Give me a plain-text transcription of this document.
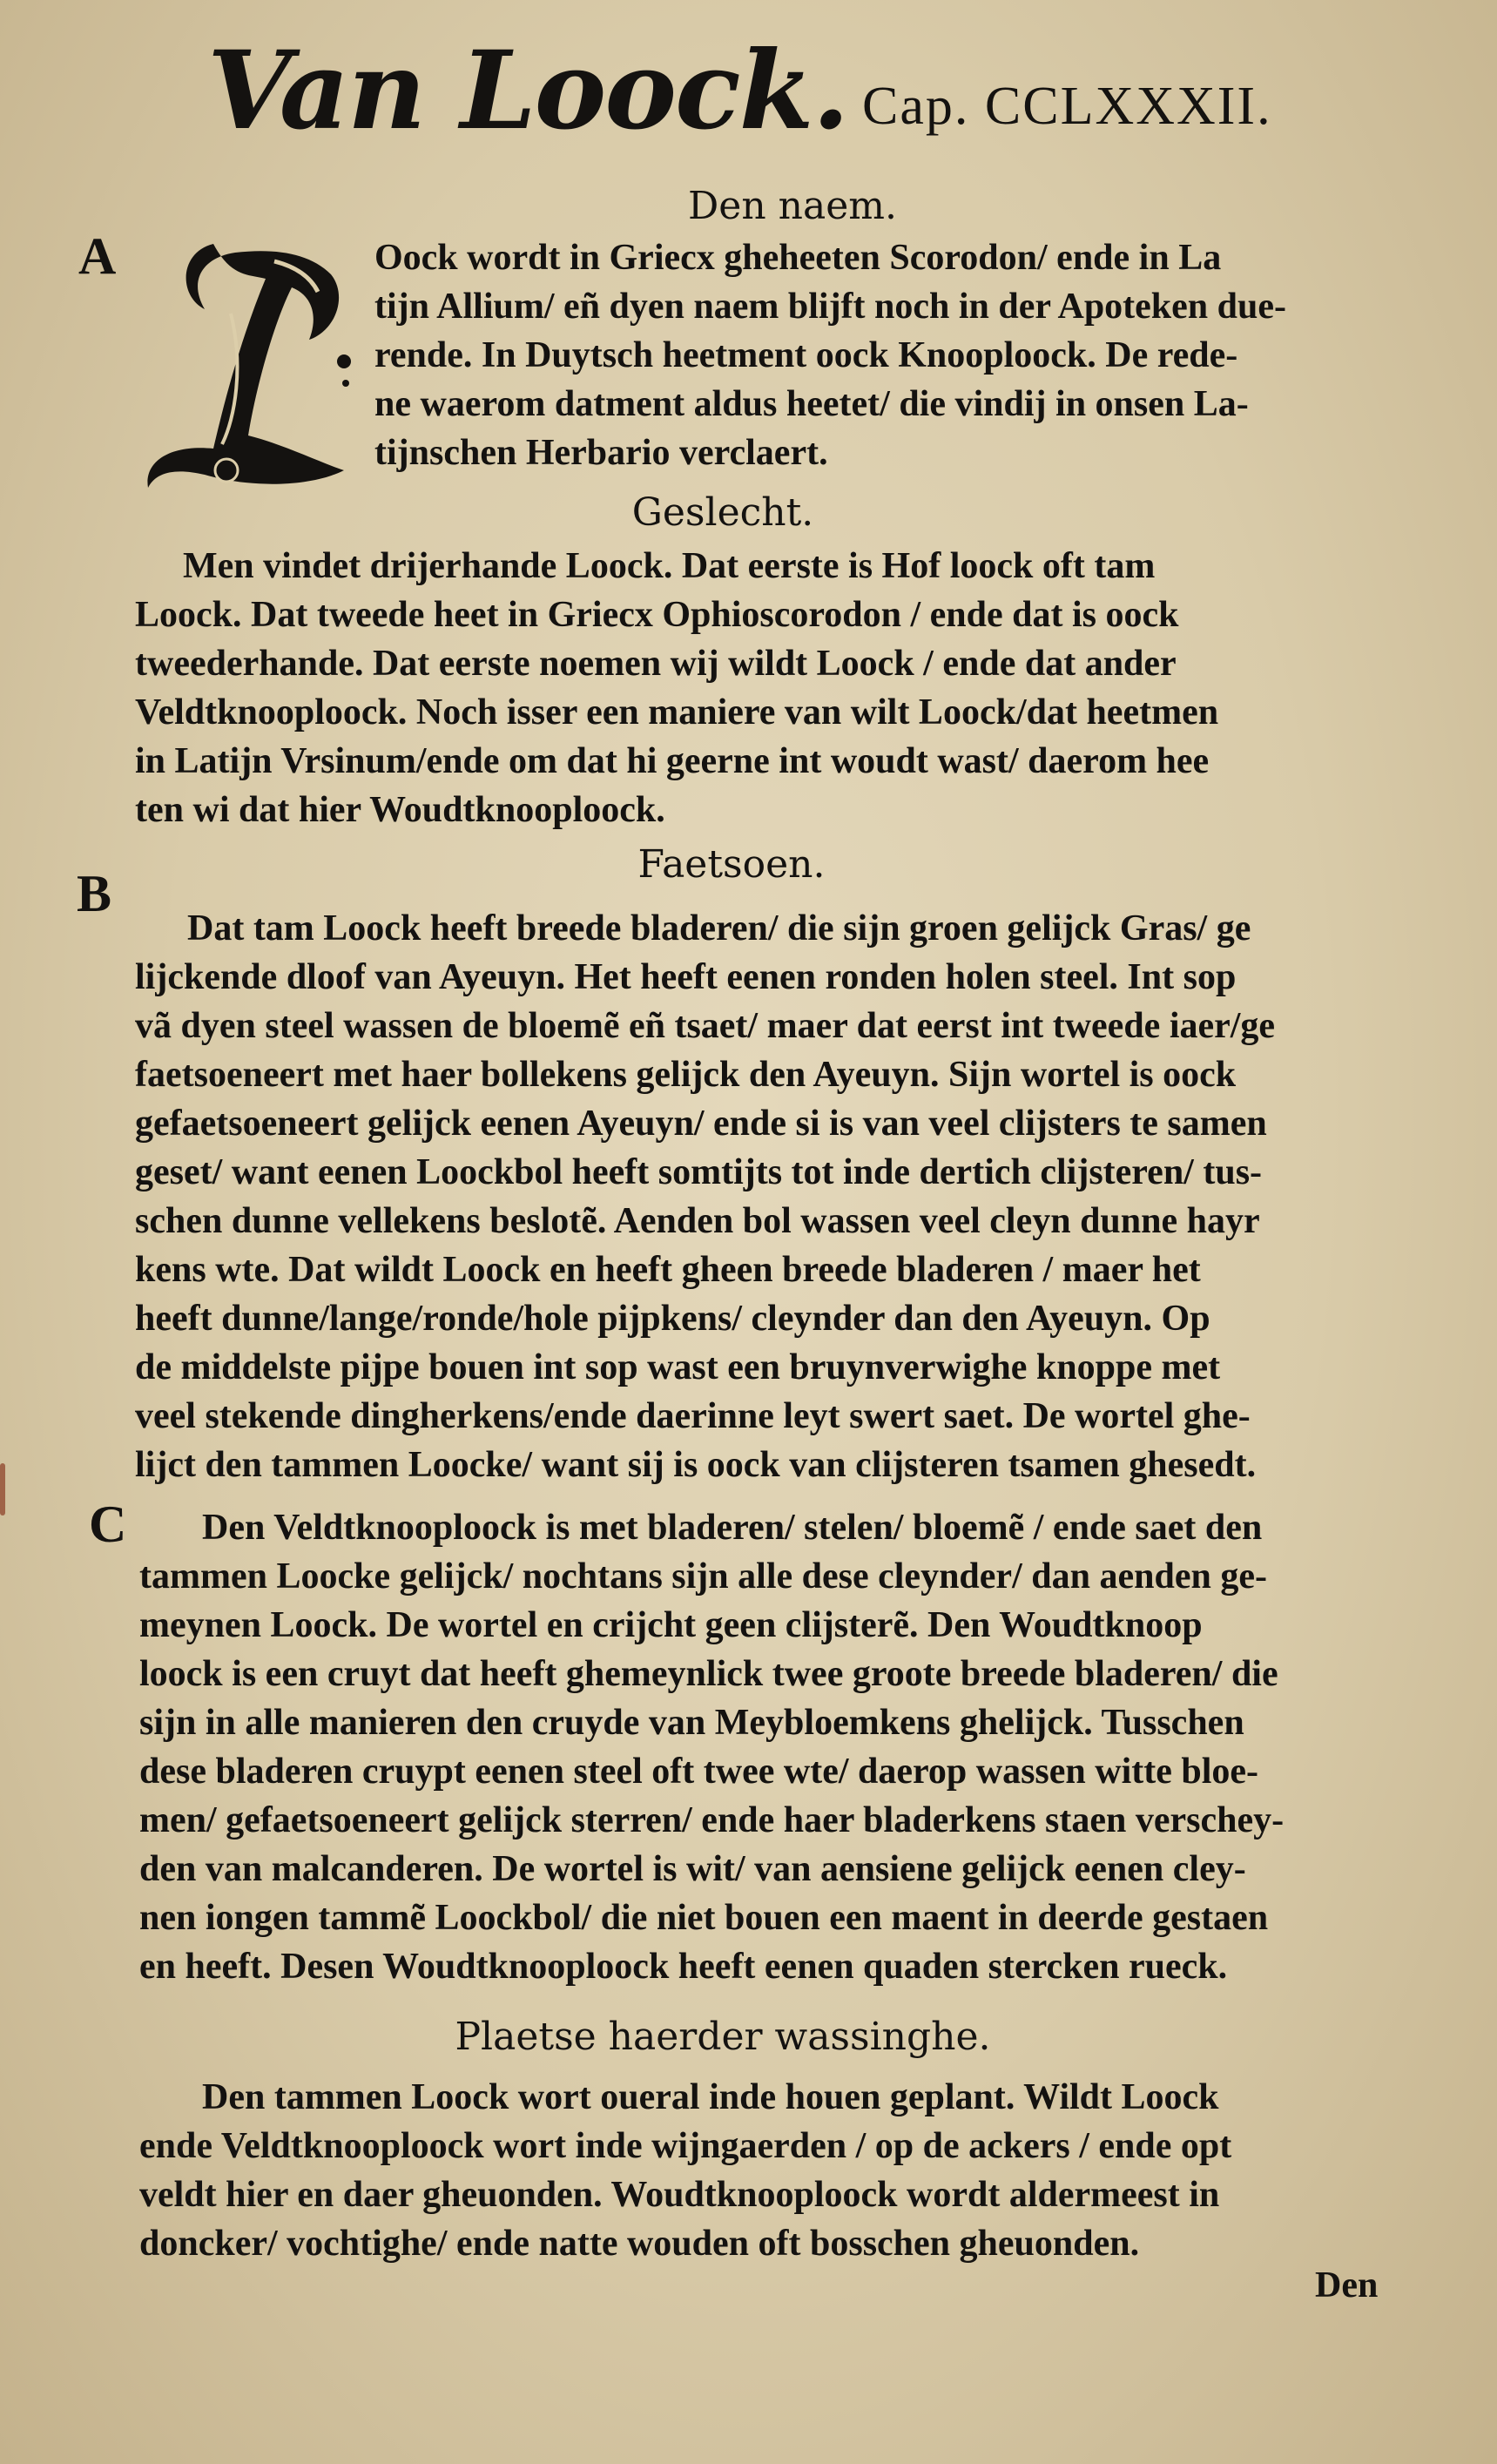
Van Loock. Cap. CCLXXXII.
Den naem.
A	Oock wordt in Griecx gheheeten Scorodon/ ende in La
tijn Allium/ eñ dyen naem blijft noch in der Apoteken due-
rende. In Duytsch heetment oock Knooploock. De rede-
ne waerom datment aldus heetet/ die vindij in onsen La-
tijnschen Herbario verclaert.
Geslecht.
Men vindet drijerhande Loock. Dat eerste is Hof loock oft tam
Loock. Dat tweede heet in Griecx Ophioscorodon / ende dat is oock
tweederhande. Dat eerste noemen wij wildt Loock / ende dat ander
Veldtknooploock. Noch isser een maniere van wilt Loock/dat heetmen
in Latijn Vrsinum/ende om dat hi geerne int woudt wast/ daerom hee
ten wi dat hier Woudtknooploock.
Faetsoen.
B
C
Dat tam Loock heeft breede bladeren/ die sijn groen gelijck Gras/ ge
lijckende dloof van Ayeuyn. Het heeft eenen ronden holen steel. Int sop
vã dyen steel wassen de bloemẽ eñ tsaet/ maer dat eerst int tweede iaer/ge
faetsoeneert met haer bollekens gelijck den Ayeuyn. Sijn wortel is oock
gefaetsoeneert gelijck eenen Ayeuyn/ ende si is van veel clijsters te samen
geset/ want eenen Loockbol heeft somtijts tot inde dertich clijsteren/ tus-
schen dunne vellekens beslotẽ. Aenden bol wassen veel cleyn dunne hayr
kens wte. Dat wildt Loock en heeft gheen breede bladeren / maer het
heeft dunne/lange/ronde/hole pijpkens/ cleynder dan den Ayeuyn. Op
de middelste pijpe bouen int sop wast een bruynverwighe knoppe met
veel stekende dingherkens/ende daerinne leyt swert saet. De wortel ghe-
lijct den tammen Loocke/ want sij is oock van clijsteren tsamen ghesedt.
Den Veldtknooploock is met bladeren/ stelen/ bloemẽ / ende saet den
tammen Loocke gelijck/ nochtans sijn alle dese cleynder/ dan aenden ge-
meynen Loock. De wortel en crijcht geen clijsterẽ. Den Woudtknoop
loock is een cruyt dat heeft ghemeynlick twee groote breede bladeren/ die
sijn in alle manieren den cruyde van Meybloemkens ghelijck. Tusschen
dese bladeren cruypt eenen steel oft twee wte/ daerop wassen witte bloe-
men/ gefaetsoeneert gelijck sterren/ ende haer bladerkens staen verschey-
den van malcanderen. De wortel is wit/ van aensiene gelijck eenen cley-
nen iongen tammẽ Loockbol/ die niet bouen een maent in deerde gestaen
en heeft. Desen Woudtknooploock heeft eenen quaden stercken rueck.
Plaetse haerder wassinghe.
Den tammen Loock wort oueral inde houen geplant. Wildt Loock
ende Veldtknooploock wort inde wijngaerden / op de ackers / ende opt
veldt hier en daer gheuonden. Woudtknooploock wordt aldermeest in
doncker/ vochtighe/ ende natte wouden oft bosschen gheuonden.
Den
